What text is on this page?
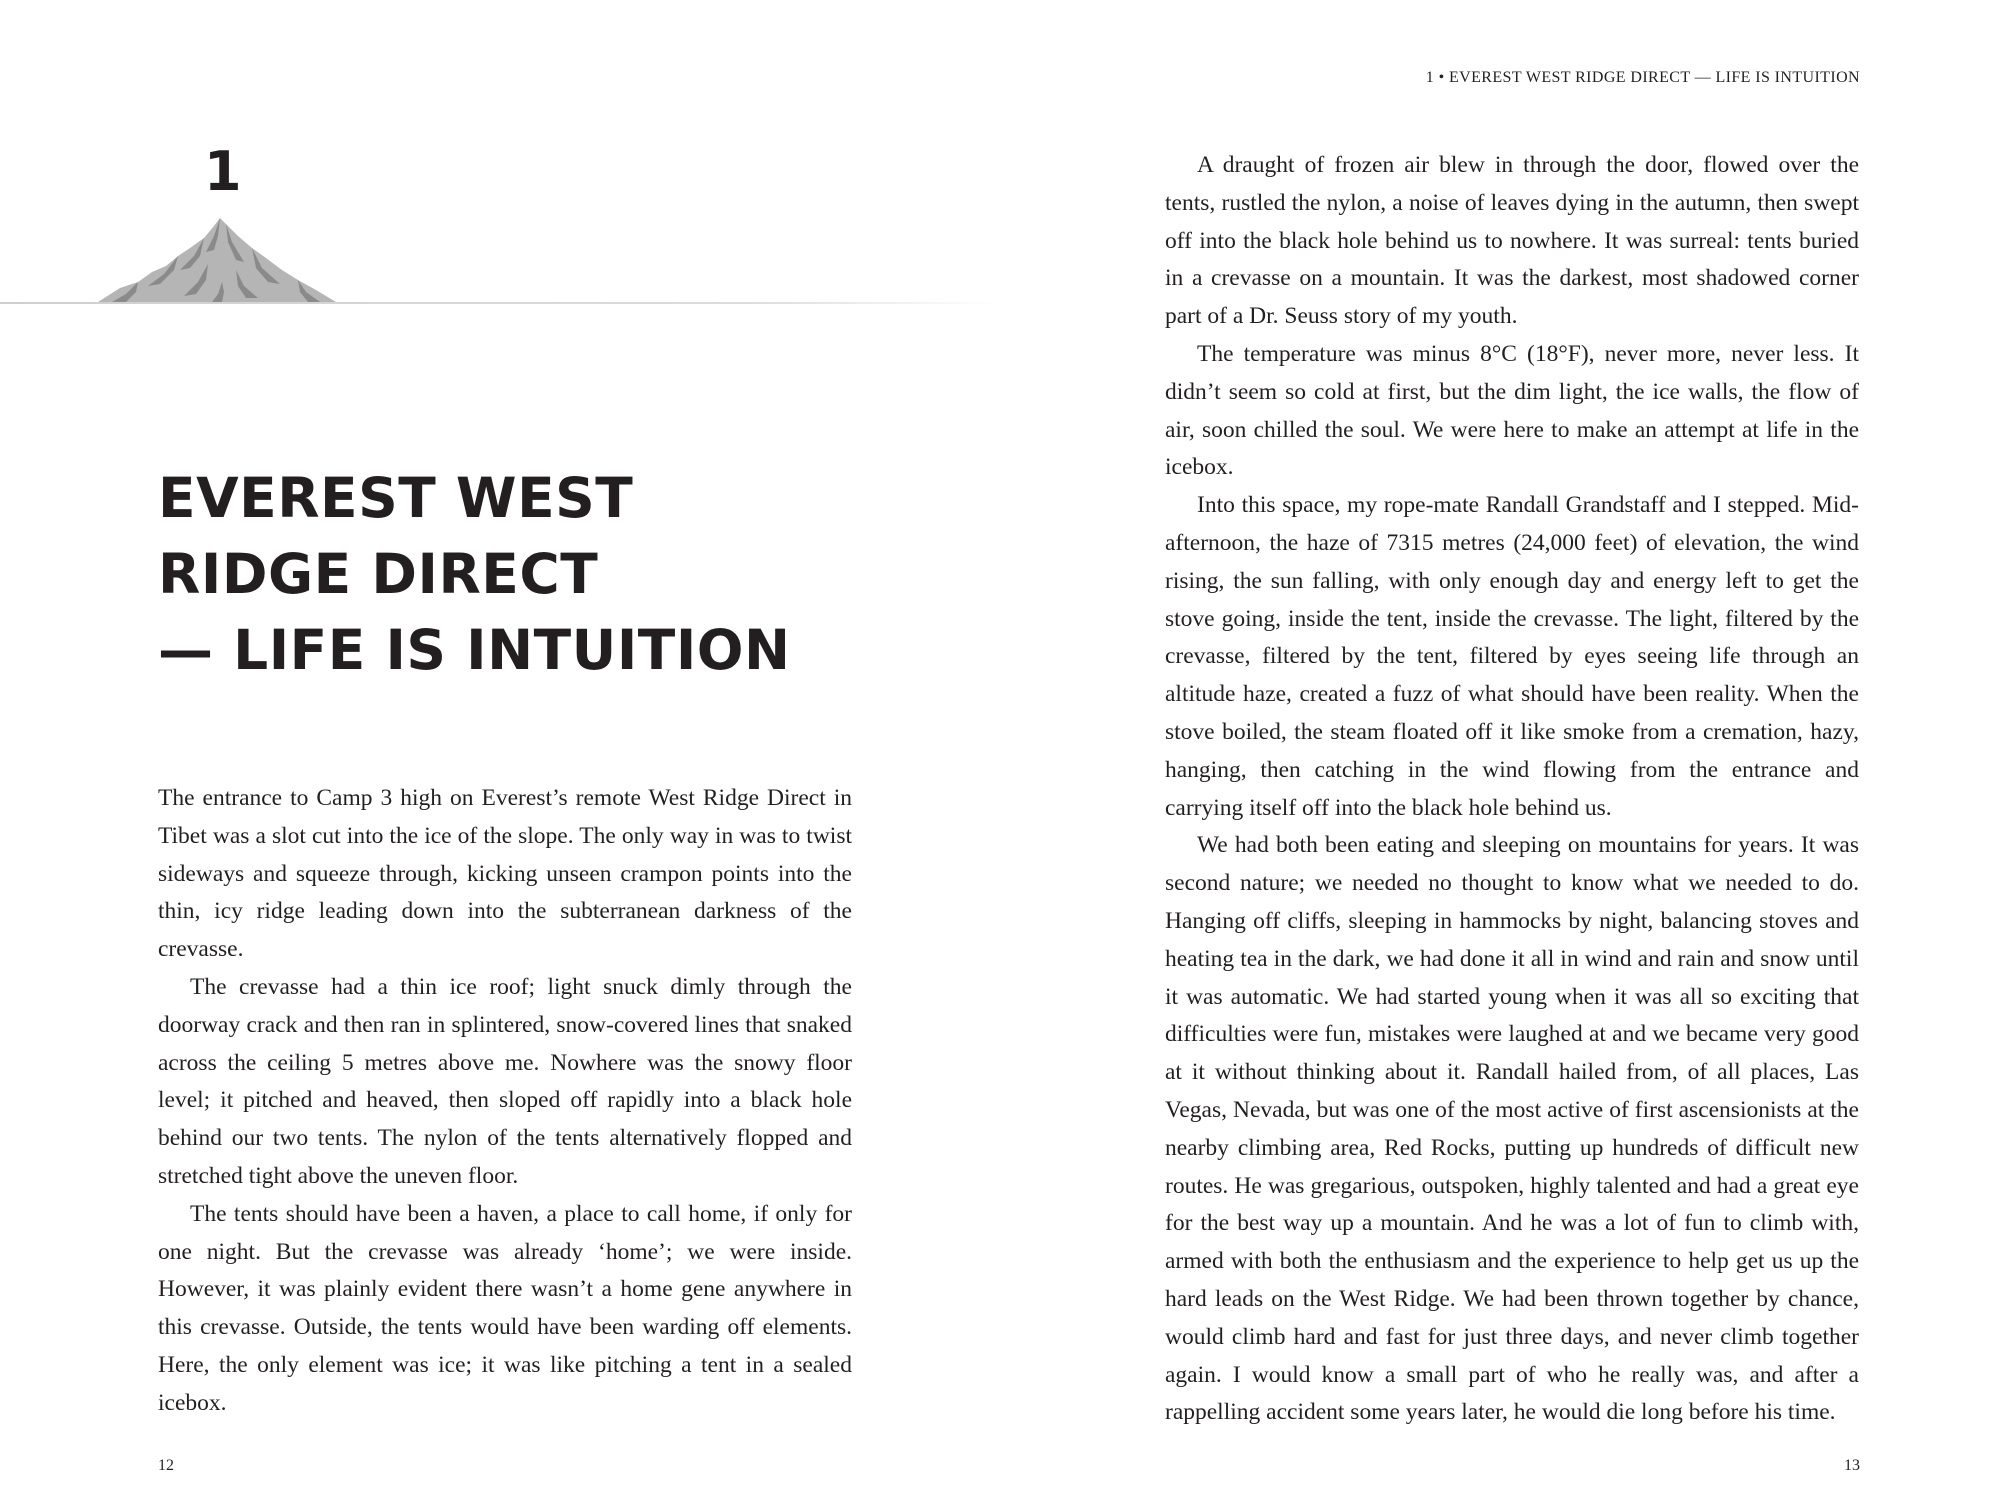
1
EVEREST WEST
RIDGE DIRECT
— LIFE IS INTUITION

The entrance to Camp 3 high on Everest’s remote West Ridge Direct in Tibet was a slot cut into the ice of the slope. The only way in was to twist sideways and squeeze through, kicking unseen crampon points into the thin, icy ridge leading down into the subterranean darkness of the crevasse.

The crevasse had a thin ice roof; light snuck dimly through the doorway crack and then ran in splintered, snow-covered lines that snaked across the ceiling 5 metres above me. Nowhere was the snowy floor level; it pitched and heaved, then sloped off rapidly into a black hole behind our two tents. The nylon of the tents alternatively flopped and stretched tight above the uneven floor.

The tents should have been a haven, a place to call home, if only for one night. But the crevasse was already ‘home’; we were inside. However, it was plainly evident there wasn’t a home gene anywhere in this crevasse. Outside, the tents would have been warding off elements. Here, the only element was ice; it was like pitching a tent in a sealed icebox.

12
1 • EVEREST WEST RIDGE DIRECT — LIFE IS INTUITION

A draught of frozen air blew in through the door, flowed over the tents, rustled the nylon, a noise of leaves dying in the autumn, then swept off into the black hole behind us to nowhere. It was surreal: tents buried in a crevasse on a mountain. It was the darkest, most shadowed corner part of a Dr. Seuss story of my youth.

The temperature was minus 8°C (18°F), never more, never less. It didn’t seem so cold at first, but the dim light, the ice walls, the flow of air, soon chilled the soul. We were here to make an attempt at life in the icebox.

Into this space, my rope-mate Randall Grandstaff and I stepped. Mid-afternoon, the haze of 7315 metres (24,000 feet) of elevation, the wind rising, the sun falling, with only enough day and energy left to get the stove going, inside the tent, inside the crevasse. The light, filtered by the crevasse, filtered by the tent, filtered by eyes seeing life through an altitude haze, created a fuzz of what should have been reality. When the stove boiled, the steam floated off it like smoke from a cremation, hazy, hanging, then catching in the wind flowing from the entrance and carrying itself off into the black hole behind us.

We had both been eating and sleeping on mountains for years. It was second nature; we needed no thought to know what we needed to do. Hanging off cliffs, sleeping in hammocks by night, balancing stoves and heating tea in the dark, we had done it all in wind and rain and snow until it was automatic. We had started young when it was all so exciting that difficulties were fun, mistakes were laughed at and we became very good at it without thinking about it. Randall hailed from, of all places, Las Vegas, Nevada, but was one of the most active of first ascensionists at the nearby climbing area, Red Rocks, putting up hundreds of difficult new routes. He was gregarious, outspoken, highly talented and had a great eye for the best way up a mountain. And he was a lot of fun to climb with, armed with both the enthusiasm and the experience to help get us up the hard leads on the West Ridge. We had been thrown together by chance, would climb hard and fast for just three days, and never climb together again. I would know a small part of who he really was, and after a rappelling accident some years later, he would die long before his time.

13
